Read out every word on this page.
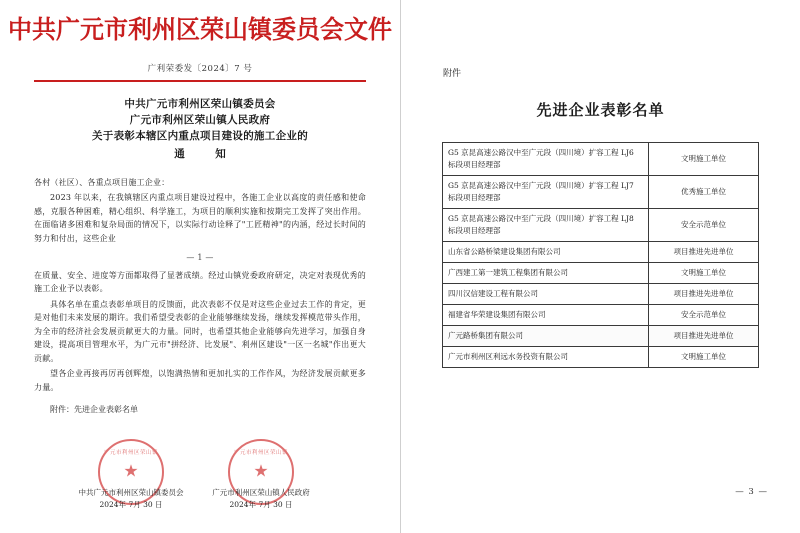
中共广元市利州区荣山镇委员会文件
广利荣委发〔2024〕7 号
中共广元市利州区荣山镇委员会
广元市利州区荣山镇人民政府
关于表彰本辖区内重点项目建设的施工企业的
通　知

各村（社区）、各重点项目施工企业：

2023 年以来，在我镇辖区内重点项目建设过程中，各施工企业以高度的责任感和使命感，克服各种困难，精心组织、科学施工，为项目的顺利实施和按期完工发挥了突出作用。在面临诸多困难和复杂局面的情况下，以实际行动诠释了"工匠精神"的内涵，经过长时间的努力和付出，这些企业

— 1 —

在质量、安全、进度等方面都取得了显著成绩。经过山镇党委政府研定，决定对表现优秀的施工企业予以表彰。

具体名单在重点表彰单项目的反馈面，此次表彰不仅是对这些企业过去工作的肯定，更是对他们未来发展的期许。我们希望受表彰的企业能够继续发扬，继续发挥模范带头作用，为全市的经济社会发展贡献更大的力量。同时，也希望其他企业能够向先进学习，加强自身建设，提高项目管理水平，为广元市"拼经济、比发展"、利州区建设"一区一名城"作出更大贡献。

望各企业再接再厉再创辉煌，以饱满热情和更加扎实的工作作风，为经济发展贡献更多力量。

附件：先进企业表彰名单
广元市利州区荣山镇
★
广元市利州区荣山镇
★
中共广元市利州区荣山镇委员会	广元市利州区荣山镇人民政府
2024年 7月 30 日	2024年 7月 30 日
附件
先进企业表彰名单
G5 京昆高速公路汉中至广元段（四川境）扩容工程 LJ6 标段项目经理部	文明施工单位
G5 京昆高速公路汉中至广元段（四川境）扩容工程 LJ7 标段项目经理部	优秀施工单位
G5 京昆高速公路汉中至广元段（四川境）扩容工程 LJ8 标段项目经理部	安全示范单位
山东省公路桥梁建设集团有限公司	项目推进先进单位
广西建工第一建筑工程集团有限公司	文明施工单位
四川汉信建设工程有限公司	项目推进先进单位
福建省华荣建设集团有限公司	安全示范单位
广元路桥集团有限公司	项目推进先进单位
广元市利州区利远水务投资有限公司	文明施工单位
— 3 —
